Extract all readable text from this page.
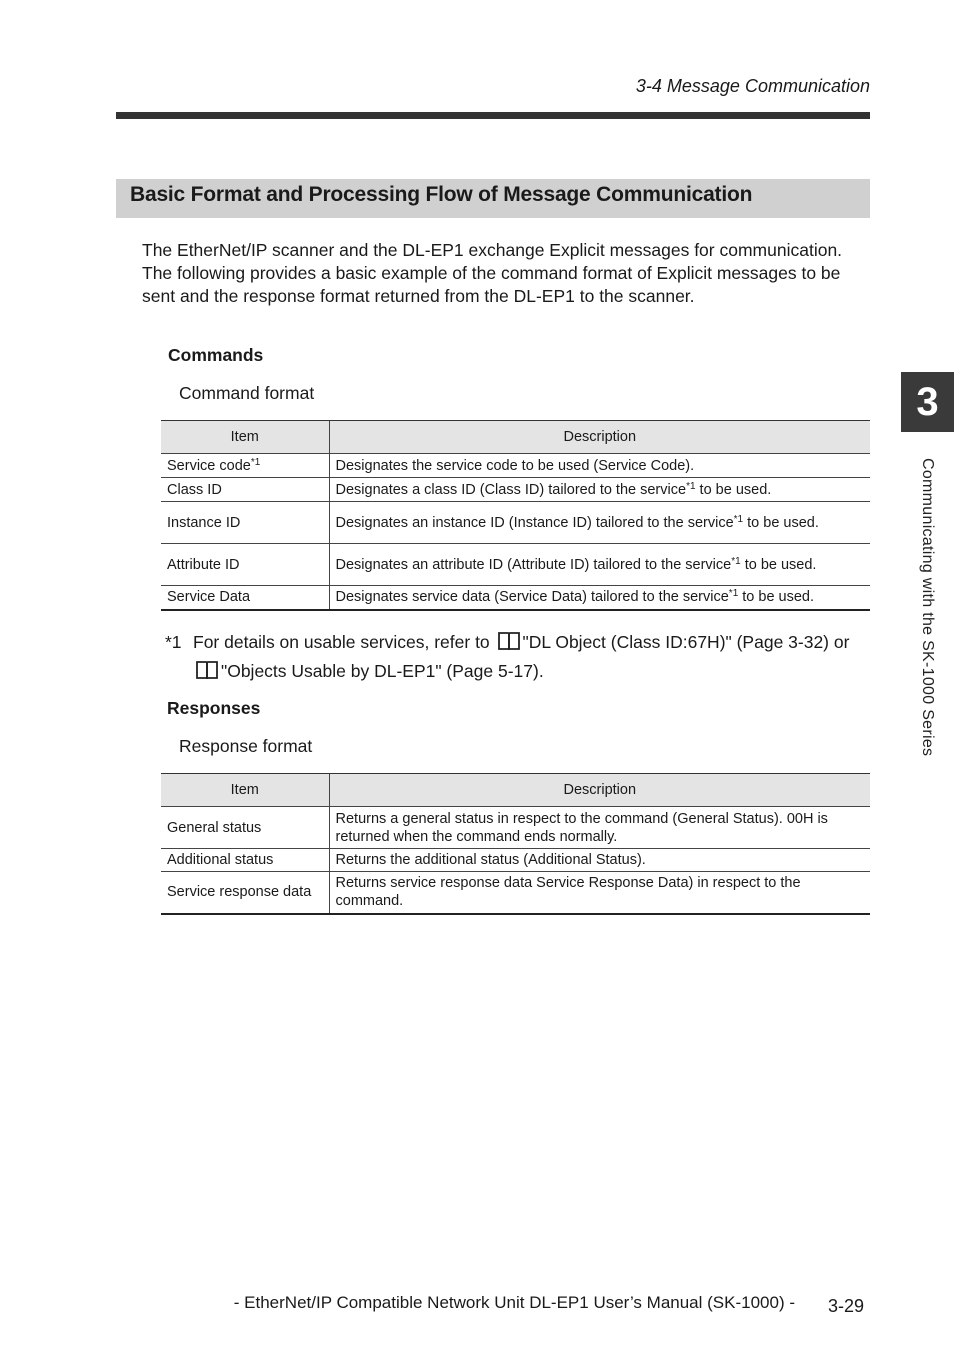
3-4 Message Communication
Basic Format and Processing Flow of Message Communication

The EtherNet/IP scanner and the DL-EP1 exchange Explicit messages for communication. The following provides a basic example of the command format of Explicit messages to be sent and the response format returned from the DL-EP1 to the scanner.

Commands
Command format
Item	Description
Service code$^{*1}$	Designates the service code to be used (Service Code).
Class ID	Designates a class ID (Class ID) tailored to the service$^{*1}$ to be used.
Instance ID	Designates an instance ID (Instance ID) tailored to the service$^{*1}$ to be used.
Attribute ID	Designates an attribute ID (Attribute ID) tailored to the service$^{*1}$ to be used.
Service Data	Designates service data (Service Data) tailored to the service$^{*1}$ to be used.
*1 For details on usable services, refer to "DL Object (Class ID:67H)" (Page 3-32) or "Objects Usable by DL-EP1" (Page 5-17).
Responses
Response format
Item	Description
General status	Returns a general status in respect to the command (General Status). 00H is returned when the command ends normally.
Additional status	Returns the additional status (Additional Status).
Service response data	Returns service response data Service Response Data) in respect to the command.
3
Communicating with the SK-1000 Series
- EtherNet/IP Compatible Network Unit DL-EP1 User’s Manual (SK-1000) - 3-29
